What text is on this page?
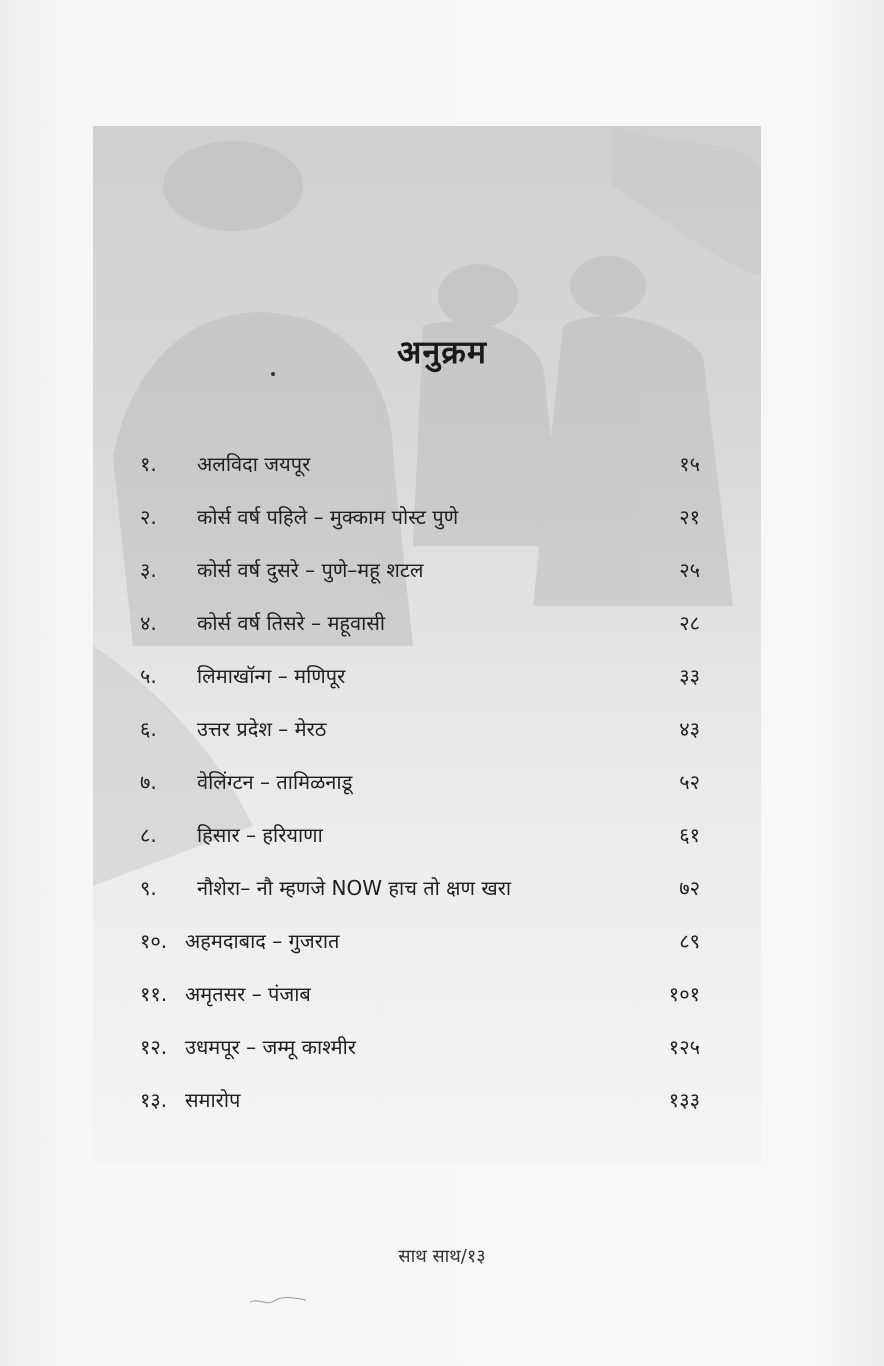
अनुक्रम
१.	अलविदा जयपूर	१५
२.	कोर्स वर्ष पहिले – मुक्काम पोस्ट पुणे	२१
३.	कोर्स वर्ष दुसरे – पुणे–महू शटल	२५
४.	कोर्स वर्ष तिसरे – महूवासी	२८
५.	लिमाखॉन्ग – मणिपूर	३३
६.	उत्तर प्रदेश – मेरठ	४३
७.	वेलिंग्टन – तामिळनाडू	५२
८.	हिसार – हरियाणा	६१
९.	नौशेरा– नौ म्हणजे NOW हाच तो क्षण खरा	७२
१०. अहमदाबाद – गुजरात	८९
११. अमृतसर – पंजाब	१०१
१२. उधमपूर – जम्मू काश्मीर	१२५
१३. समारोप	१३३
साथ साथ/१३
